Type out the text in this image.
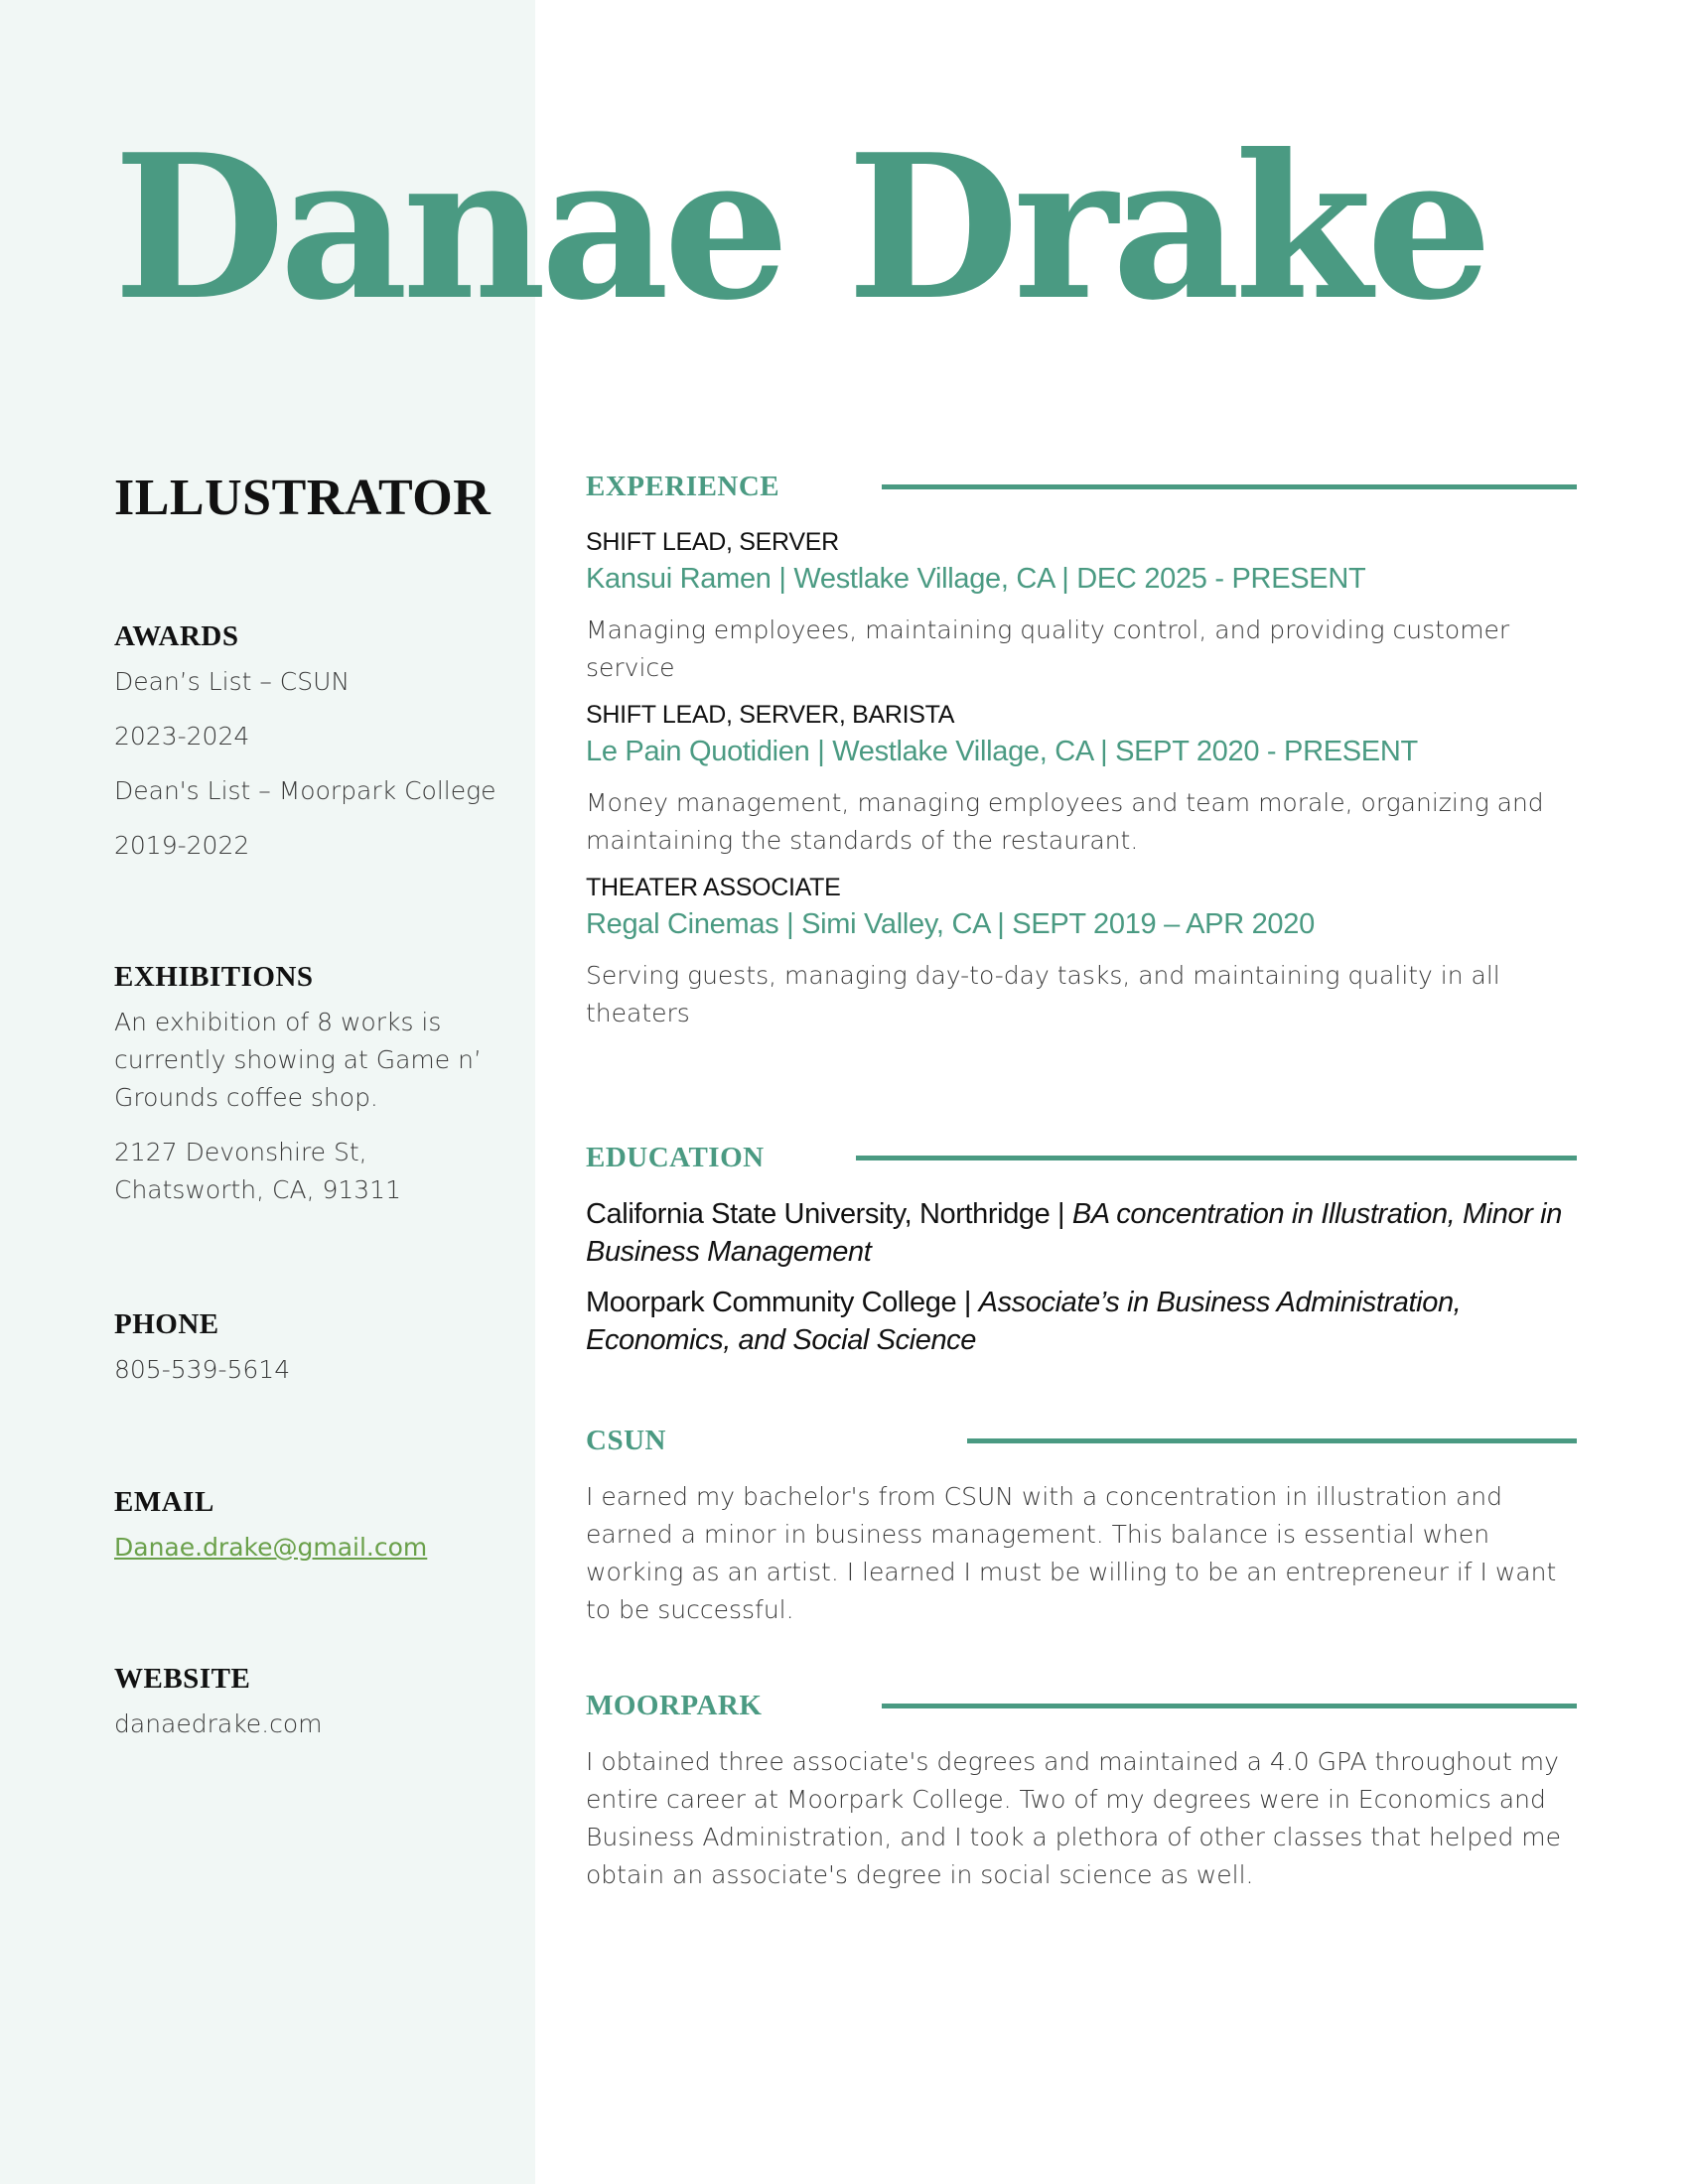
Danae Drake
ILLUSTRATOR
AWARDS

Dean’s List – CSUN

2023-2024

Dean's List – Moorpark College

2019-2022

EXHIBITIONS

An exhibition of 8 works is currently showing at Game n’ Grounds coffee shop.

2127 Devonshire St, Chatsworth, CA, 91311

PHONE

805-539-5614

EMAIL
Danae.drake@gmail.com
WEBSITE

danaedrake.com

EXPERIENCE

SHIFT LEAD, SERVER

Kansui Ramen | Westlake Village, CA | DEC 2025 - PRESENT

Managing employees, maintaining quality control, and providing customer service

SHIFT LEAD, SERVER, BARISTA

Le Pain Quotidien | Westlake Village, CA | SEPT 2020 - PRESENT

Money management, managing employees and team morale, organizing and maintaining the standards of the restaurant.

THEATER ASSOCIATE

Regal Cinemas | Simi Valley, CA | SEPT 2019 – APR 2020

Serving guests, managing day-to-day tasks, and maintaining quality in all theaters

EDUCATION

California State University, Northridge | BA concentration in Illustration, Minor in Business Management

Moorpark Community College | Associate’s in Business Administration, Economics, and Social Science

CSUN

I earned my bachelor's from CSUN with a concentration in illustration and earned a minor in business management. This balance is essential when working as an artist. I learned I must be willing to be an entrepreneur if I want to be successful.

MOORPARK

I obtained three associate's degrees and maintained a 4.0 GPA throughout my entire career at Moorpark College. Two of my degrees were in Economics and Business Administration, and I took a plethora of other classes that helped me obtain an associate's degree in social science as well.
